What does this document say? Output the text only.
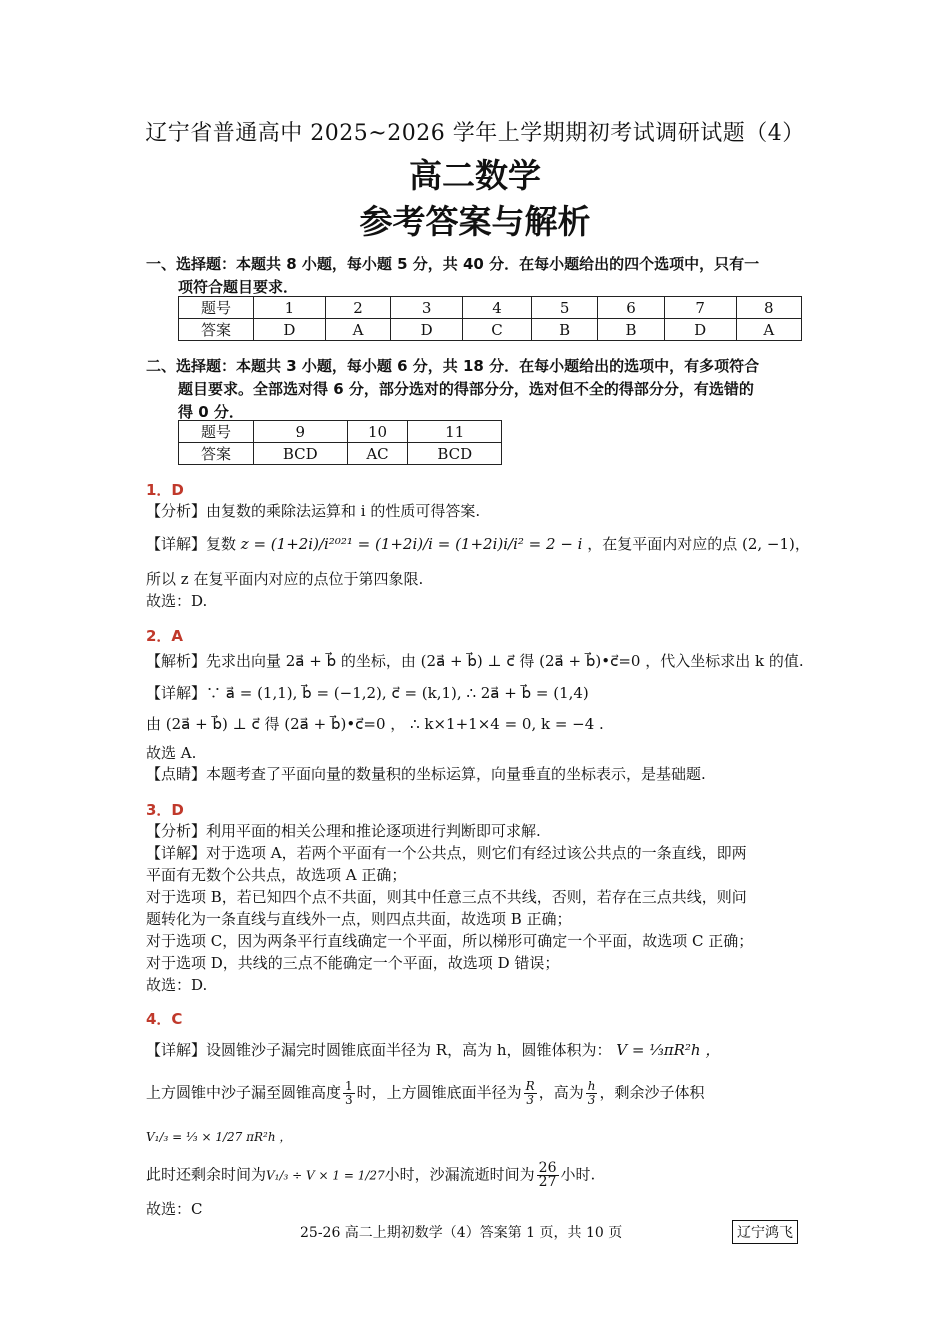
辽宁省普通高中 2025~2026 学年上学期期初考试调研试题（4）
高二数学
参考答案与解析
一、选择题：本题共 8 小题，每小题 5 分，共 40 分．在每小题给出的四个选项中，只有一
项符合题目要求．
题号	1	2	3	4	5	6	7	8
答案	D	A	D	C	B	B	D	A
二、选择题：本题共 3 小题，每小题 6 分，共 18 分．在每小题给出的选项中，有多项符合
题目要求。全部选对得 6 分，部分选对的得部分分，选对但不全的得部分分，有选错的
得 0 分．
题号	9	10	11
答案	BCD	AC	BCD
1．D
【分析】由复数的乘除法运算和 i 的性质可得答案.
【详解】复数 z = (1+2i)/i²⁰²¹ = (1+2i)/i = (1+2i)i/i² = 2 − i ，在复平面内对应的点 (2, −1)，
所以 z 在复平面内对应的点位于第四象限.
故选：D.
2．A
【解析】先求出向量 2a⃗ + b⃗ 的坐标，由 (2a⃗ + b⃗) ⊥ c⃗ 得 (2a⃗ + b⃗)•c⃗=0 ，代入坐标求出 k 的值.
【详解】∵ a⃗ = (1,1), b⃗ = (−1,2), c⃗ = (k,1), ∴ 2a⃗ + b⃗ = (1,4)
由 (2a⃗ + b⃗) ⊥ c⃗ 得 (2a⃗ + b⃗)•c⃗=0 ， ∴ k×1+1×4 = 0, k = −4 .
故选 A.
【点睛】本题考查了平面向量的数量积的坐标运算，向量垂直的坐标表示，是基础题.
3．D
【分析】利用平面的相关公理和推论逐项进行判断即可求解.
【详解】对于选项 A，若两个平面有一个公共点，则它们有经过该公共点的一条直线，即两
平面有无数个公共点，故选项 A 正确；
对于选项 B，若已知四个点不共面，则其中任意三点不共线，否则，若存在三点共线，则问
题转化为一条直线与直线外一点，则四点共面，故选项 B 正确；
对于选项 C，因为两条平行直线确定一个平面，所以梯形可确定一个平面，故选项 C 正确；
对于选项 D，共线的三点不能确定一个平面，故选项 D 错误；
故选：D.
4．C
【详解】设圆锥沙子漏完时圆锥底面半径为 R，高为 h，圆锥体积为： V = ⅓πR²h ，
上方圆锥中沙子漏至圆锥高度 $\frac{1}{3}$ 时，上方圆锥底面半径为 $\frac{R}{3}$ ，高为 $\frac{h}{3}$ ，剩余沙子体积
V₁/₃ = ⅓ × 1/27 πR²h ，
此时还剩余时间为V₁/₃ ÷ V × 1 = 1/27小时，沙漏流逝时间为 $\frac{26}{27}$ 小时.
故选：C
25-26 高二上期初数学（4）答案第 1 页，共 10 页	辽宁鸿飞
